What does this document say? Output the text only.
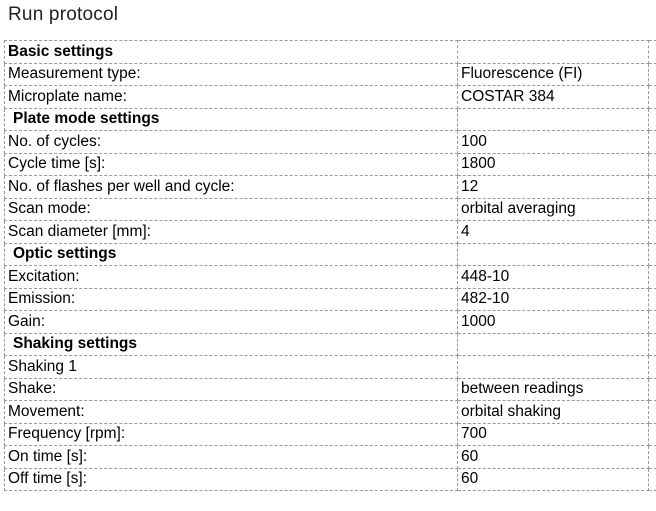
Run protocol
Basic settings		
Measurement type:	Fluorescence (FI)	
Microplate name:	COSTAR 384	
Plate mode settings		
No. of cycles:	100	
Cycle time [s]:	1800	
No. of flashes per well and cycle:	12	
Scan mode:	orbital averaging	
Scan diameter [mm]:	4	
Optic settings		
Excitation:	448-10	
Emission:	482-10	
Gain:	1000	
Shaking settings		
Shaking 1		
Shake:	between readings	
Movement:	orbital shaking	
Frequency [rpm]:	700	
On time [s]:	60	
Off time [s]:	60	
